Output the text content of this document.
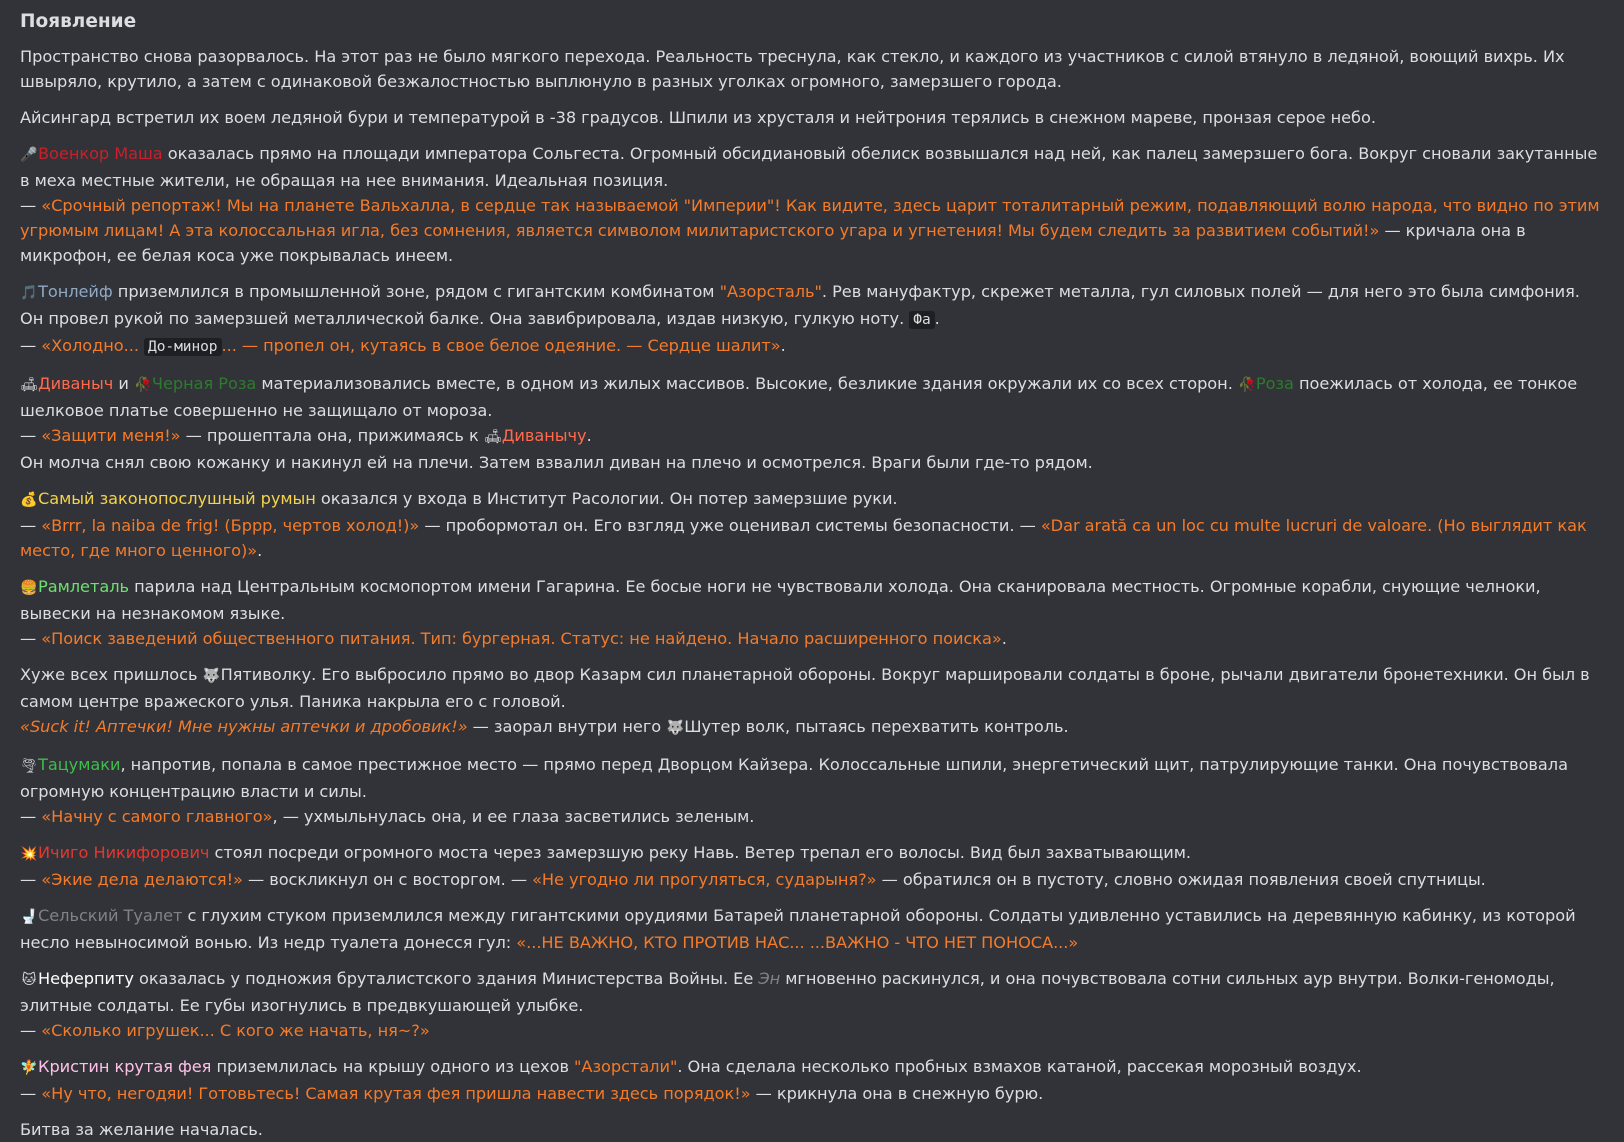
Появление
Пространство снова разорвалось. На этот раз не было мягкого перехода. Реальность треснула, как стекло, и каждого из участников с силой втянуло в ледяной, воющий вихрь. Их швыряло, крутило, а затем с одинаковой безжалостностью выплюнуло в разных уголках огромного, замерзшего города.
Айсингард встретил их воем ледяной бури и температурой в -38 градусов. Шпили из хрусталя и нейтрония терялись в снежном мареве, пронзая серое небо.
🎤Военкор Маша оказалась прямо на площади императора Сольгеста. Огромный обсидиановый обелиск возвышался над ней, как палец замерзшего бога. Вокруг сновали закутанные в меха местные жители, не обращая на нее внимания. Идеальная позиция.
— «Срочный репортаж! Мы на планете Вальхалла, в сердце так называемой "Империи"! Как видите, здесь царит тоталитарный режим, подавляющий волю народа, что видно по этим угрюмым лицам! А эта колоссальная игла, без сомнения, является символом милитаристского угара и угнетения! Мы будем следить за развитием событий!» — кричала она в микрофон, ее белая коса уже покрывалась инеем.
🎵Тонлейф приземлился в промышленной зоне, рядом с гигантским комбинатом "Азорсталь". Рев мануфактур, скрежет металла, гул силовых полей — для него это была симфония. Он провел рукой по замерзшей металлической балке. Она завибрировала, издав низкую, гулкую ноту. Фа .
— «Холодно... До-минор ... — пропел он, кутаясь в свое белое одеяние. — Сердце шалит».
🛋Диваныч и 🥀Черная Роза материализовались вместе, в одном из жилых массивов. Высокие, безликие здания окружали их со всех сторон. 🥀Роза поежилась от холода, ее тонкое шелковое платье совершенно не защищало от мороза.
— «Защити меня!» — прошептала она, прижимаясь к 🛋Диванычу.
Он молча снял свою кожанку и накинул ей на плечи. Затем взвалил диван на плечо и осмотрелся. Враги были где-то рядом.
💰Самый законопослушный румын оказался у входа в Институт Расологии. Он потер замерзшие руки.
— «Brrr, la naiba de frig! (Бррр, чертов холод!)» — пробормотал он. Его взгляд уже оценивал системы безопасности. — «Dar arată ca un loc cu multe lucruri de valoare. (Но выглядит как место, где много ценного)».
🍔Рамлеталь парила над Центральным космопортом имени Гагарина. Ее босые ноги не чувствовали холода. Она сканировала местность. Огромные корабли, снующие челноки, вывески на незнакомом языке.
— «Поиск заведений общественного питания. Тип: бургерная. Статус: не найдено. Начало расширенного поиска».
Хуже всех пришлось 🐺Пятиволку. Его выбросило прямо во двор Казарм сил планетарной обороны. Вокруг маршировали солдаты в броне, рычали двигатели бронетехники. Он был в самом центре вражеского улья. Паника накрыла его с головой.
«Suck it! Аптечки! Мне нужны аптечки и дробовик!» — заорал внутри него 🐺Шутер волк, пытаясь перехватить контроль.
🌪Тацумаки, напротив, попала в самое престижное место — прямо перед Дворцом Кайзера. Колоссальные шпили, энергетический щит, патрулирующие танки. Она почувствовала огромную концентрацию власти и силы.
— «Начну с самого главного», — ухмыльнулась она, и ее глаза засветились зеленым.
💥Ичиго Никифорович стоял посреди огромного моста через замерзшую реку Навь. Ветер трепал его волосы. Вид был захватывающим.
— «Экие дела делаются!» — воскликнул он с восторгом. — «Не угодно ли прогуляться, сударыня?» — обратился он в пустоту, словно ожидая появления своей спутницы.
🚽Сельский Туалет с глухим стуком приземлился между гигантскими орудиями Батарей планетарной обороны. Солдаты удивленно уставились на деревянную кабинку, из которой несло невыносимой вонью. Из недр туалета донесся гул: «...НЕ ВАЖНО, КТО ПРОТИВ НАС... ...ВАЖНО - ЧТО НЕТ ПОНОСА...»
🐱 Неферпиту оказалась у подножия бруталистского здания Министерства Войны. Ее Эн мгновенно раскинулся, и она почувствовала сотни сильных аур внутри. Волки-геномоды, элитные солдаты. Ее губы изогнулись в предвкушающей улыбке.
— «Сколько игрушек... С кого же начать, ня~?»
🧚Кристин крутая фея приземлилась на крышу одного из цехов "Азорстали". Она сделала несколько пробных взмахов катаной, рассекая морозный воздух.
— «Ну что, негодяи! Готовьтесь! Самая крутая фея пришла навести здесь порядок!» — крикнула она в снежную бурю.
Битва за желание началась.
